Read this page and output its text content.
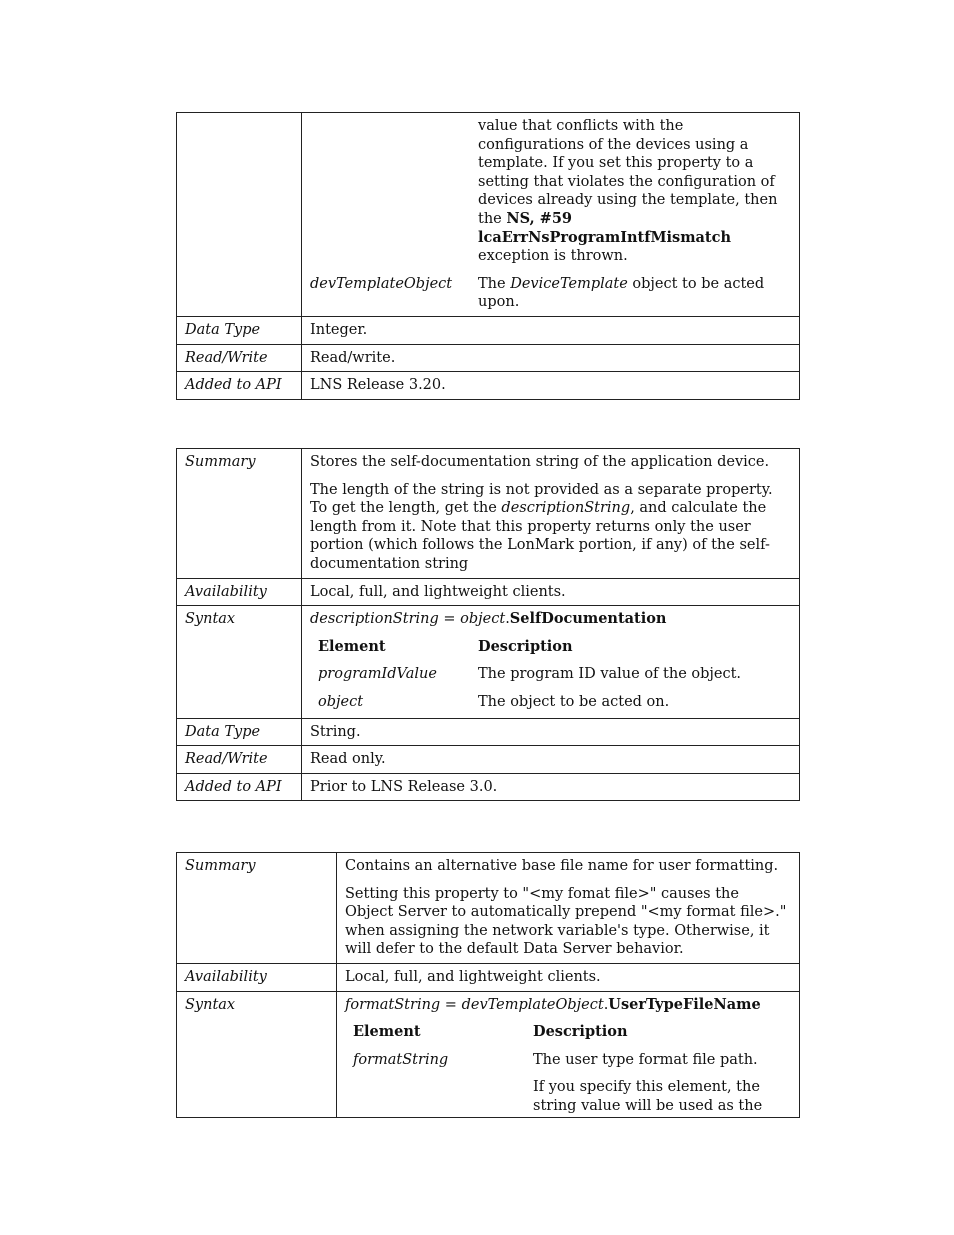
	value that conflicts with the configurations of the devices using a template. If you set this property to a setting that violates the configuration of devices already using the template, then the NS, #59 lcaErrNsProgramIntfMismatch exception is thrown.
devTemplateObject	The DeviceTemplate object to be acted upon.

Data Type	Integer.
Read/Write	Read/write.
Added to API	LNS Release 3.20.
Summary	Stores the self-documentation string of the application device.

The length of the string is not provided as a separate property. To get the length, get the descriptionString, and calculate the length from it. Note that this property returns only the user portion (which follows the LonMark portion, if any) of the self-documentation string

Availability	Local, full, and lightweight clients.
Syntax	descriptionString = object.SelfDocumentation
Element	Description
programIdValue	The program ID value of the object.
object	The object to be acted on.

Data Type	String.
Read/Write	Read only.
Added to API	Prior to LNS Release 3.0.
Summary	Contains an alternative base file name for user formatting.

Setting this property to "<my fomat file>" causes the Object Server to automatically prepend "<my format file>." when assigning the network variable's type. Otherwise, it will defer to the default Data Server behavior.

Availability	Local, full, and lightweight clients.
Syntax	formatString = devTemplateObject.UserTypeFileName
Element	Description
formatString	The user type format file path.

If you specify this element, the string value will be used as the
